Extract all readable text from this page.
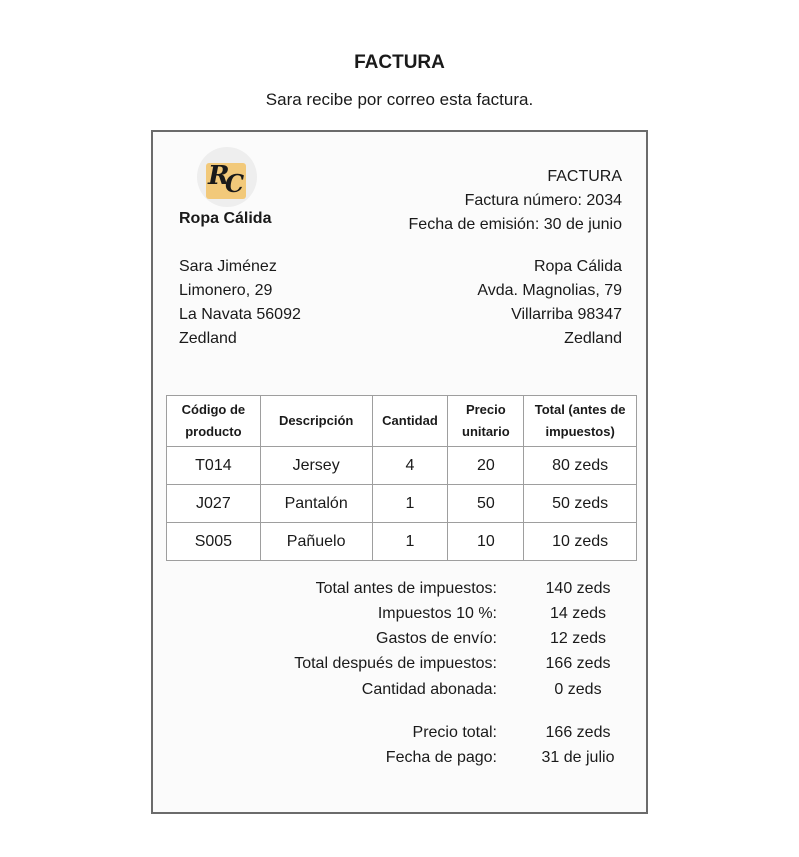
FACTURA
Sara recibe por correo esta factura.
R
C
Ropa Cálida
FACTURA
Factura número: 2034
Fecha de emisión: 30 de junio
Sara Jiménez
Limonero, 29
La Navata 56092
Zedland
Ropa Cálida
Avda. Magnolias, 79
Villarriba 98347
Zedland
Código de producto	Descripción	Cantidad	Precio unitario	Total (antes de impuestos)
T014	Jersey	4	20	80 zeds
J027	Pantalón	1	50	50 zeds
S005	Pañuelo	1	10	10 zeds
Total antes de impuestos:	140 zeds
Impuestos 10 %:	14 zeds
Gastos de envío:	12 zeds
Total después de impuestos:	166 zeds
Cantidad abonada:	0 zeds
Precio total:	166 zeds
Fecha de pago:	31 de julio
